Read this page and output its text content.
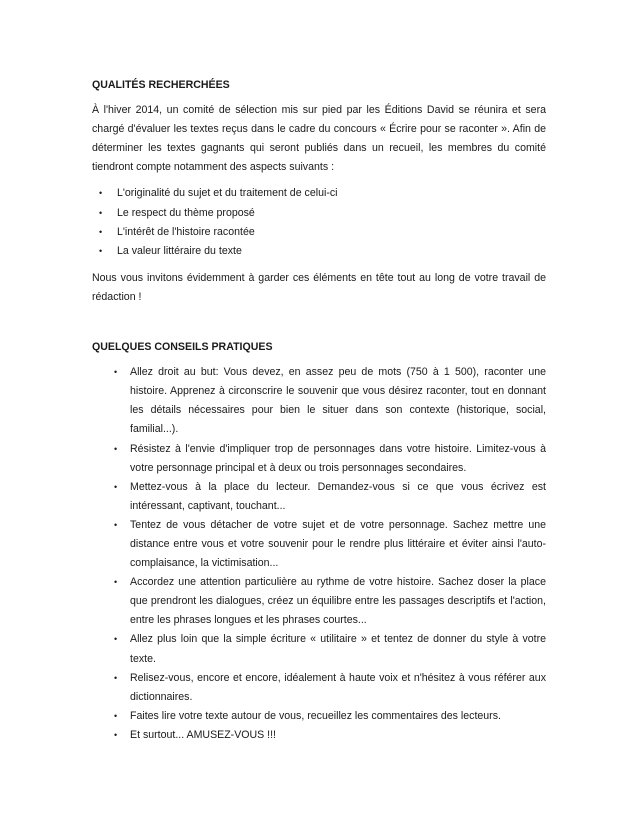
QUALITÉS RECHERCHÉES

À l'hiver 2014, un comité de sélection mis sur pied par les Éditions David se réunira et sera chargé d'évaluer les textes reçus dans le cadre du concours « Écrire pour se raconter ». Afin de déterminer les textes gagnants qui seront publiés dans un recueil, les membres du comité tiendront compte notamment des aspects suivants :

• L'originalité du sujet et du traitement de celui-ci
• Le respect du thème proposé
• L'intérêt de l'histoire racontée
• La valeur littéraire du texte

Nous vous invitons évidemment à garder ces éléments en tête tout au long de votre travail de rédaction !

QUELQUES CONSEILS PRATIQUES

• Allez droit au but: Vous devez, en assez peu de mots (750 à 1 500), raconter une histoire. Apprenez à circonscrire le souvenir que vous désirez raconter, tout en donnant les détails nécessaires pour bien le situer dans son contexte (historique, social, familial...).
• Résistez à l'envie d'impliquer trop de personnages dans votre histoire. Limitez-vous à votre personnage principal et à deux ou trois personnages secondaires.
• Mettez-vous à la place du lecteur. Demandez-vous si ce que vous écrivez est intéressant, captivant, touchant...
• Tentez de vous détacher de votre sujet et de votre personnage. Sachez mettre une distance entre vous et votre souvenir pour le rendre plus littéraire et éviter ainsi l'auto-complaisance, la victimisation...
• Accordez une attention particulière au rythme de votre histoire. Sachez doser la place que prendront les dialogues, créez un équilibre entre les passages descriptifs et l'action, entre les phrases longues et les phrases courtes...
• Allez plus loin que la simple écriture « utilitaire » et tentez de donner du style à votre texte.
• Relisez-vous, encore et encore, idéalement à haute voix et n'hésitez à vous référer aux dictionnaires.
• Faites lire votre texte autour de vous, recueillez les commentaires des lecteurs.
• Et surtout... AMUSEZ-VOUS !!!
